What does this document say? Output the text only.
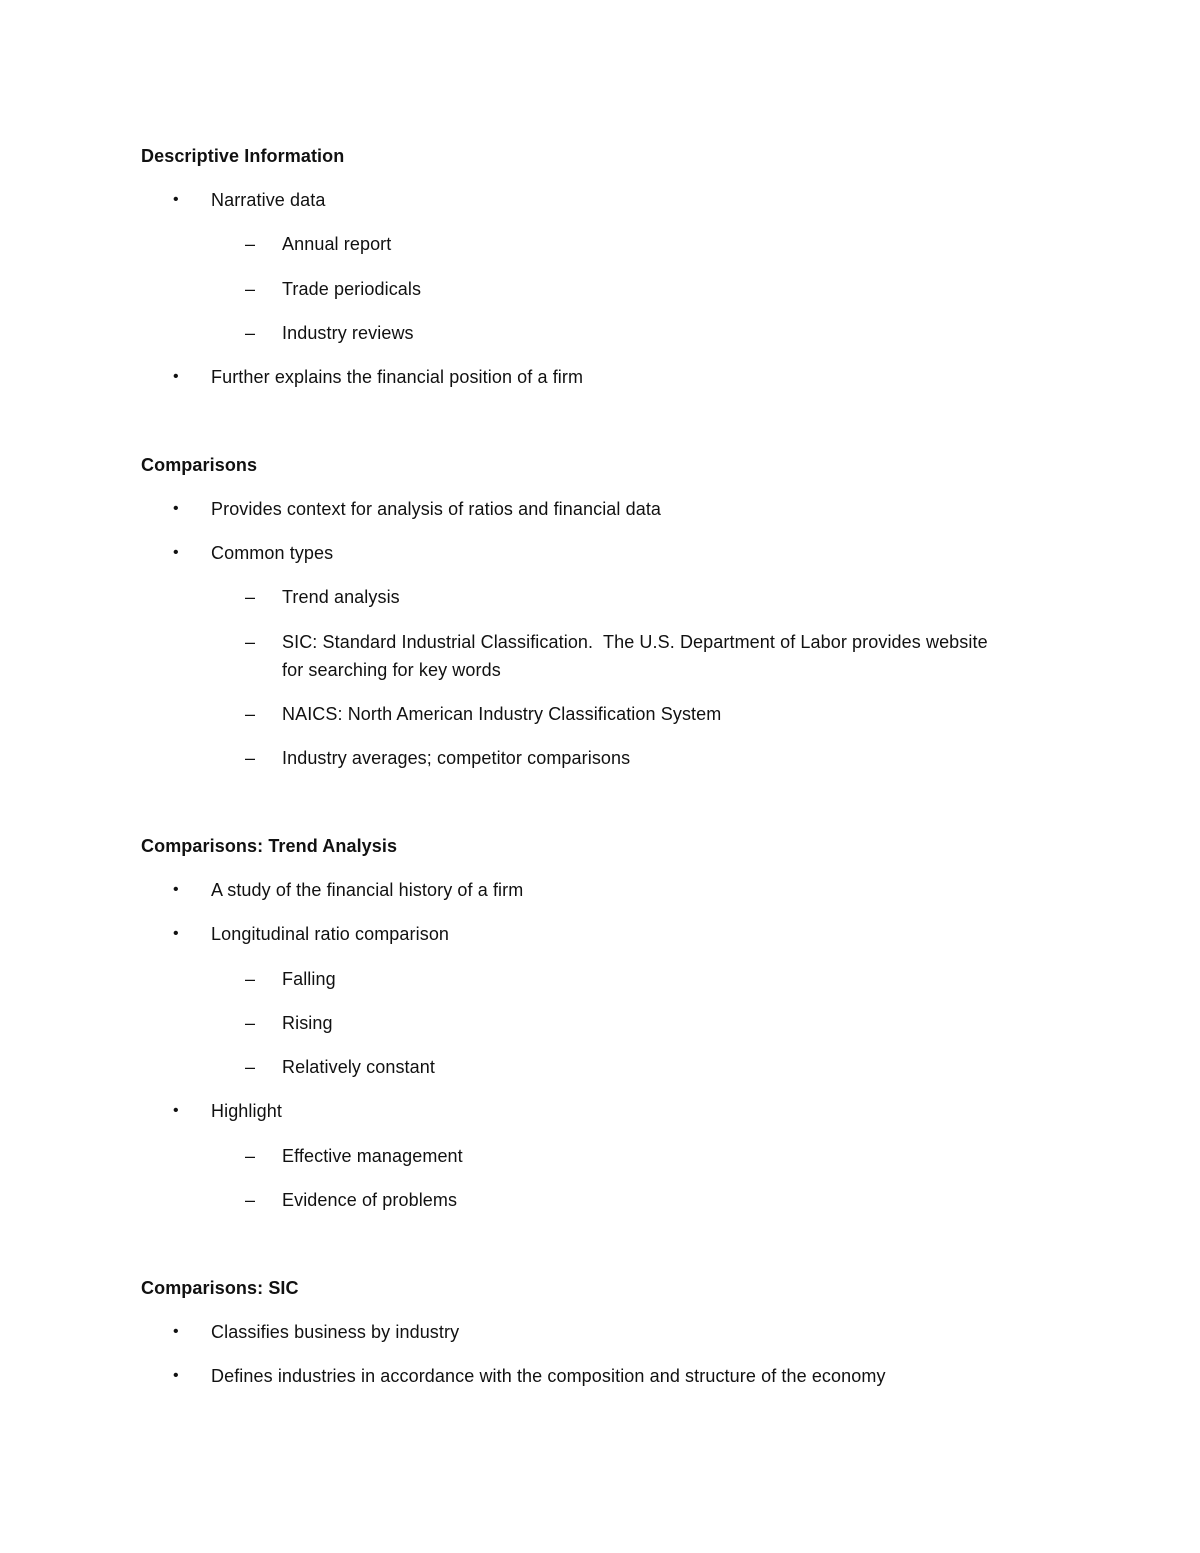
Descriptive Information
• Narrative data
– Annual report
– Trade periodicals
– Industry reviews
• Further explains the financial position of a firm
Comparisons
• Provides context for analysis of ratios and financial data
• Common types
– Trend analysis
– SIC: Standard Industrial Classification.  The U.S. Department of Labor provides website
for searching for key words
– NAICS: North American Industry Classification System
– Industry averages; competitor comparisons
Comparisons: Trend Analysis
• A study of the financial history of a firm
• Longitudinal ratio comparison
– Falling
– Rising
– Relatively constant
• Highlight
– Effective management
– Evidence of problems
Comparisons: SIC
• Classifies business by industry
• Defines industries in accordance with the composition and structure of the economy
